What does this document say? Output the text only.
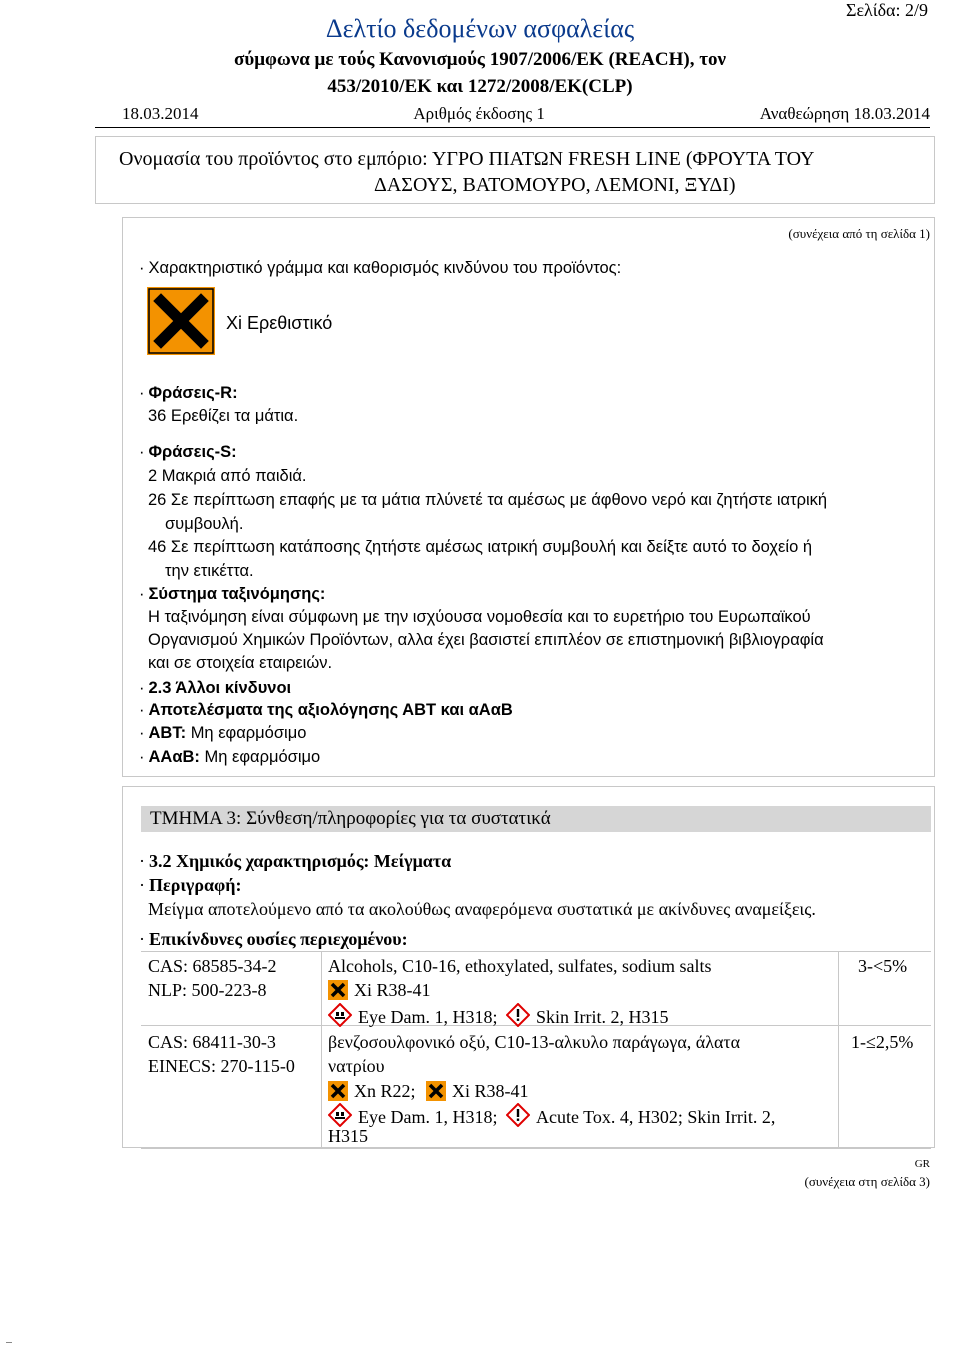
Σελίδα: 2/9
Δελτίο δεδομένων ασφαλείας
σύμφωνα με τούς Κανονισμούς 1907/2006/ΕΚ (REACH), τον
453/2010/ΕΚ και 1272/2008/ΕΚ(CLP)
18.03.2014	Αριθμός έκδοσης 1	Αναθεώρηση 18.03.2014
Ονομασία του προϊόντος στο εμπόριο: ΥΓΡΟ ΠΙΑΤΩΝ FRESH LINE (ΦΡΟΥΤΑ ΤΟΥ
ΔΑΣΟΥΣ, ΒΑΤΟΜΟΥΡΟ, ΛΕΜΟΝΙ, ΞΥΔΙ)
(συνέχεια από τη σελίδα 1)
· Χαρακτηριστικό γράμμα και καθορισμός κινδύνου του προϊόντος:
Xi Ερεθιστικό
· Φράσεις-R:
36 Ερεθίζει τα μάτια.
· Φράσεις-S:
2 Μακριά από παιδιά.
26 Σε περίπτωση επαφής με τα μάτια πλύνετέ τα αμέσως με άφθονο νερό και ζητήστε ιατρική
συμβουλή.
46 Σε περίπτωση κατάποσης ζητήστε αμέσως ιατρική συμβουλή και δείξτε αυτό το δοχείο ή
την ετικέττα.
· Σύστημα ταξινόμησης:
Η ταξινόμηση είναι σύμφωνη με την ισχύουσα νομοθεσία και το ευρετήριο του Ευρωπαϊκού
Οργανισμού Χημικών Προϊόντων, αλλα έχει βασιστεί επιπλέον σε επιστημονική βιβλιογραφία
και σε στοιχεία εταιρειών.
· 2.3 Άλλοι κίνδυνοι
· Αποτελέσματα της αξιολόγησης ΑΒΤ και αΑαΒ
· ΑΒΤ: Μη εφαρμόσιμο
· ΑΑαΒ: Μη εφαρμόσιμο
ΤΜΗΜΑ 3: Σύνθεση/πληροφορίες για τα συστατικά
· 3.2 Χημικός χαρακτηρισμός: Μείγματα
· Περιγραφή:
Μείγμα αποτελούμενο από τα ακολούθως αναφερόμενα συστατικά με ακίνδυνες αναμείξεις.
· Επικίνδυνες ουσίες περιεχομένου:
CAS: 68585-34-2
NLP: 500-223-8
Alcohols, C10-16, ethoxylated, sulfates, sodium salts
Xi R38-41
Eye Dam. 1, H318; Skin Irrit. 2, H315
3-<5%
CAS: 68411-30-3
EINECS: 270-115-0
βενζοσουλφονικό οξύ, C10-13-αλκυλο παράγωγα, άλατα
νατρίου
Xn R22; Xi R38-41
Eye Dam. 1, H318; Acute Tox. 4, H302; Skin Irrit. 2,
H315
1-≤2,5%
GR
(συνέχεια στη σελίδα 3)
